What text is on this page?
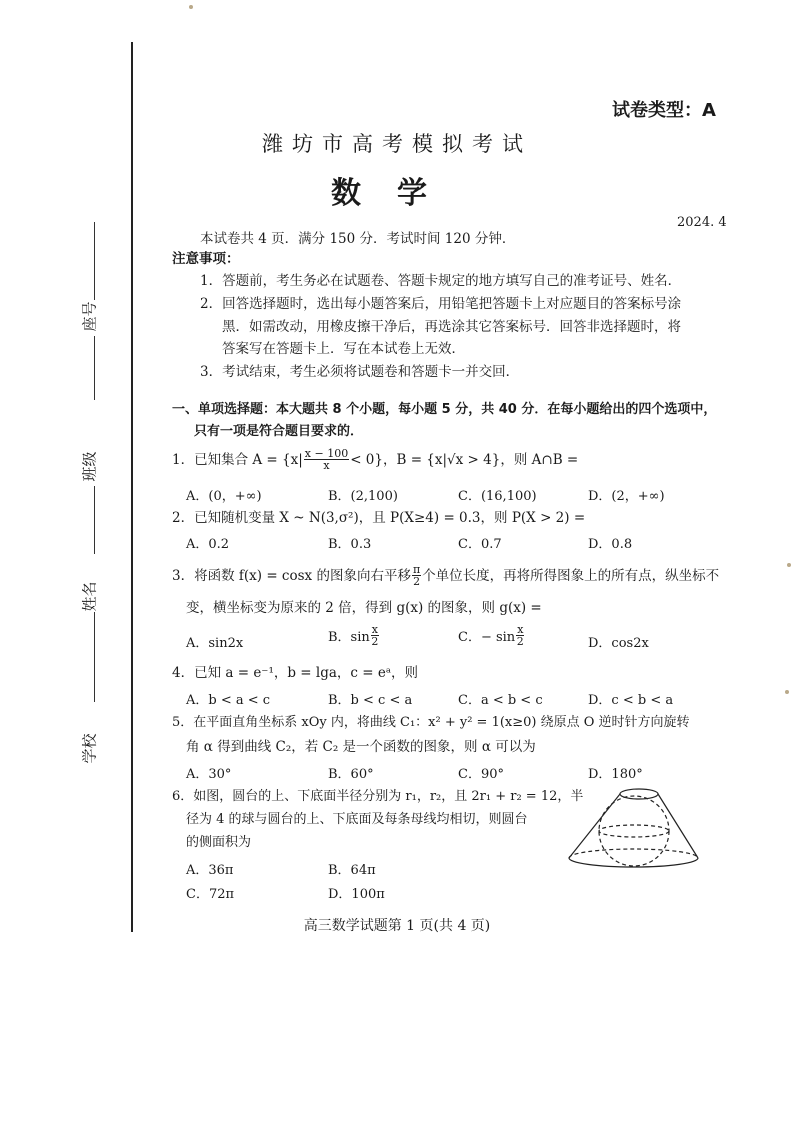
座号
班级
姓名
学校
试卷类型：A
潍坊市高考模拟考试
数学
2024. 4
本试卷共 4 页．满分 150 分．考试时间 120 分钟．
注意事项：
1．答题前，考生务必在试题卷、答题卡规定的地方填写自己的准考证号、姓名．
2．回答选择题时，选出每小题答案后，用铅笔把答题卡上对应题目的答案标号涂
黑．如需改动，用橡皮擦干净后，再选涂其它答案标号．回答非选择题时，将
答案写在答题卡上．写在本试卷上无效．
3．考试结束，考生必须将试题卷和答题卡一并交回．
一、单项选择题：本大题共 8 个小题，每小题 5 分，共 40 分．在每小题给出的四个选项中，
只有一项是符合题目要求的．
1．已知集合 $A = \{x| \frac{x - 100}{x} < 0\}$，B = {x|√x > 4}，则 A∩B =
A．(0，+∞)	B．(2,100)	C．(16,100)	D．(2，+∞)
2．已知随机变量 X ~ N(3,σ²)，且 P(X≥4) = 0.3，则 P(X > 2) =
A．0.2	B．0.3	C．0.7	D．0.8
3．将函数 f(x) = cosx 的图象向右平移 $\frac{\pi}{2}$ 个单位长度，再将所得图象上的所有点，纵坐标不
变，横坐标变为原来的 2 倍，得到 g(x) 的图象，则 g(x) =
A．sin2x	B．$\sin \frac{x}{2}$	C．− $\sin \frac{x}{2}$	D．cos2x
4．已知 a = e⁻¹，b = lga，c = eᵃ，则
A．b < a < c	B．b < c < a	C．a < b < c	D．c < b < a
5．在平面直角坐标系 xOy 内，将曲线 C₁：x² + y² = 1(x≥0) 绕原点 O 逆时针方向旋转
角 α 得到曲线 C₂，若 C₂ 是一个函数的图象，则 α 可以为
A．30°	B．60°	C．90°	D．180°
6．如图，圆台的上、下底面半径分别为 r₁，r₂，且 2r₁ + r₂ = 12，半
径为 4 的球与圆台的上、下底面及每条母线均相切，则圆台
的侧面积为
A．36π	B．64π
C．72π	D．100π
高三数学试题第 1 页(共 4 页)
